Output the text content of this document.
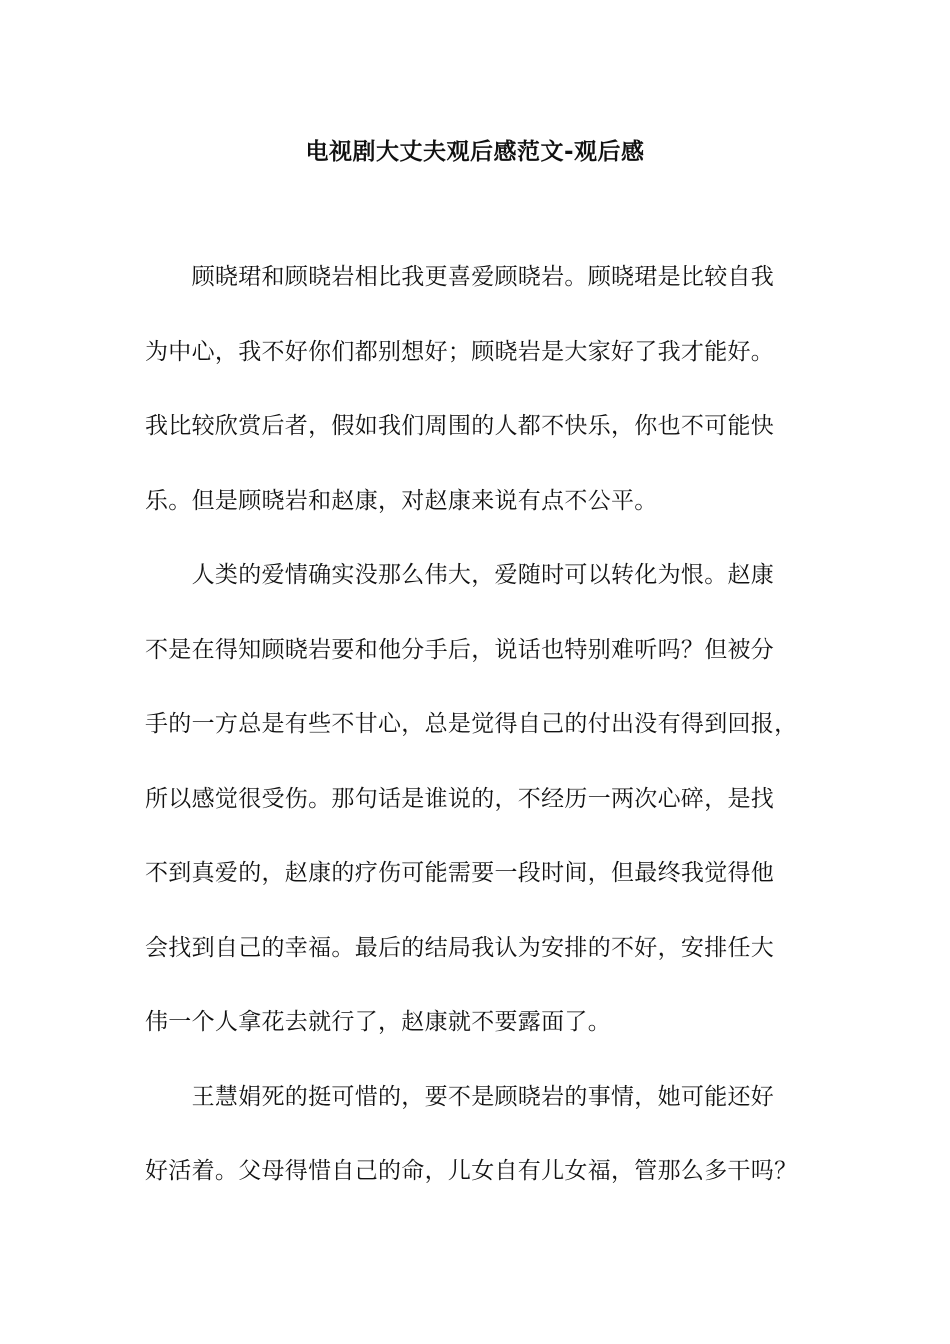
电视剧大丈夫观后感范文-观后感
　　顾晓珺和顾晓岩相比我更喜爱顾晓岩。顾晓珺是比较自我
为中心，我不好你们都别想好；顾晓岩是大家好了我才能好。
我比较欣赏后者，假如我们周围的人都不快乐，你也不可能快
乐。但是顾晓岩和赵康，对赵康来说有点不公平。
　　人类的爱情确实没那么伟大，爱随时可以转化为恨。赵康
不是在得知顾晓岩要和他分手后，说话也特别难听吗？但被分
手的一方总是有些不甘心，总是觉得自己的付出没有得到回报，
所以感觉很受伤。那句话是谁说的，不经历一两次心碎，是找
不到真爱的，赵康的疗伤可能需要一段时间，但最终我觉得他
会找到自己的幸福。最后的结局我认为安排的不好，安排任大
伟一个人拿花去就行了，赵康就不要露面了。
　　王慧娟死的挺可惜的，要不是顾晓岩的事情，她可能还好
好活着。父母得惜自己的命，儿女自有儿女福，管那么多干吗？
